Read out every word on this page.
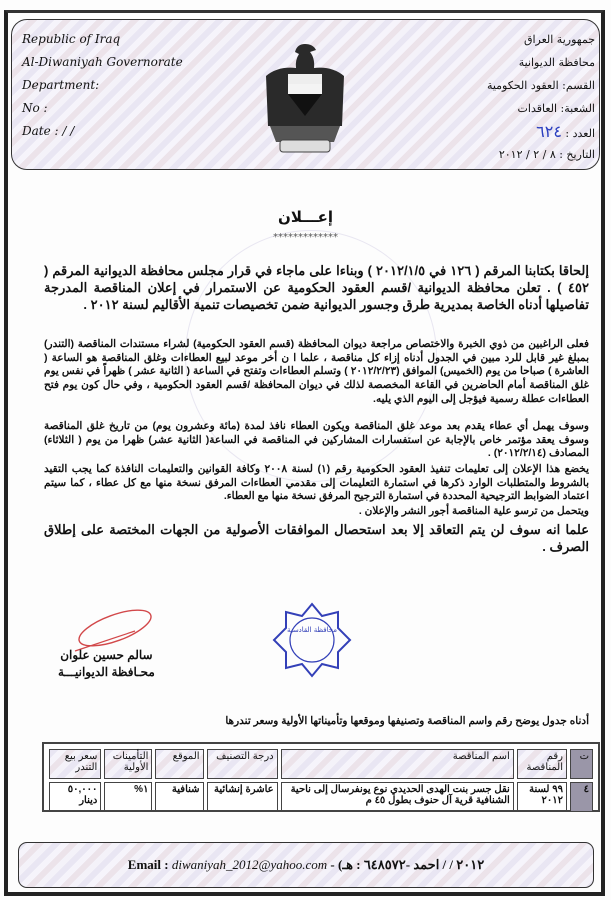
Republic of Iraq
Al-Diwaniyah Governorate
Department:
No :
Date : / /
جمهورية العراق
محافظة الديوانية
القسم: العقود الحكومية
الشعبة: العاقدات
العدد : ٦٢٤
التاريخ : ٨ / ٢ / ٢٠١٢
إعـــلان
*************
إلحاقا بكتابنا المرقم ( ١٢٦ في ٢٠١٢/١/٥ ) وبناءا على ماجاء في قرار مجلس محافظة الديوانية المرقم ( ٤٥٢ ) . تعلن محافظة الديوانية /قسم العقود الحكومية عن الاستمرار في إعلان المناقصة المدرجة تفاصيلها أدناه الخاصة بمديرية طرق وجسور الديوانية ضمن تخصيصات تنمية الأقاليم لسنة ٢٠١٢ .
فعلى الراغبين من ذوي الخبرة والاختصاص مراجعة ديوان المحافظة (قسم العقود الحكومية) لشراء مستندات المناقصة (التندر) بمبلغ غير قابل للرد مبين في الجدول أدناه إزاء كل مناقصة ، علما ا ن أخر موعد لبيع العطاءات وغلق المناقصة هو الساعة ( العاشرة ) صباحا من يوم (الخميس) الموافق (٢٠١٢/٢/٢٣ ) وتسلم العطاءات وتفتح في الساعة ( الثانية عشر ) ظهراً في نفس يوم غلق المناقصة أمام الحاضرين في القاعة المخصصة لذلك في ديوان المحافظة /قسم العقود الحكومية ، وفي حال كون يوم فتح العطاءات عطلة رسمية فيؤجل إلى اليوم الذي يليه.
وسوف يهمل أي عطاء يقدم بعد موعد غلق المناقصة ويكون العطاء نافذ لمدة (مائة وعشرون يوم) من تاريخ غلق المناقصة وسوف يعقد مؤتمر خاص بالإجابة عن استفسارات المشاركين في المناقصة في الساعة( الثانية عشر) ظهرا من يوم ( الثلاثاء) المصادف (٢٠١٢/٢/١٤) .
يخضع هذا الإعلان إلى تعليمات تنفيذ العقود الحكومية رقم (١) لسنة ٢٠٠٨ وكافة القوانين والتعليمات النافذة كما يجب التقيد بالشروط والمتطلبات الوارد ذكرها في استمارة التعليمات إلى مقدمي العطاءات المرفق نسخة منها مع كل عطاء ، كما سيتم اعتماد الضوابط الترجيحية المحددة في استمارة الترجيح المرفق نسخة منها مع العطاء.
ويتحمل من ترسو علية المناقصة أجور النشر والإعلان .
علما انه سوف لن يتم التعاقد إلا بعد استحصال الموافقات الأصولية من الجهات المختصة على إطلاق الصرف .
سالم حسين علوان
محـافظة الديوانيـــة
محافظة القادسية
أدناه جدول يوضح رقم واسم المناقصة وتصنيفها وموقعها وتأميناتها الأولية وسعر تندرها
ت	رقم المناقصة	اسم المناقصة	درجة التصنيف	الموقع	التأمينات الأولية	سعر بيع التندر
٤	٩٩ لسنة ٢٠١٢	نقل جسر بنت الهدى الحديدي نوع يونفرسال إلى ناحية الشنافية قرية آل حنوف بطول ٤٥ م	عاشرة إنشائية	شنافية	١%	٥٠,٠٠٠ دينار
Email : diwaniyah_2012@yahoo.com - (٢٠١٢ / / احمد -٦٤٨٥٧٢ : هـ
